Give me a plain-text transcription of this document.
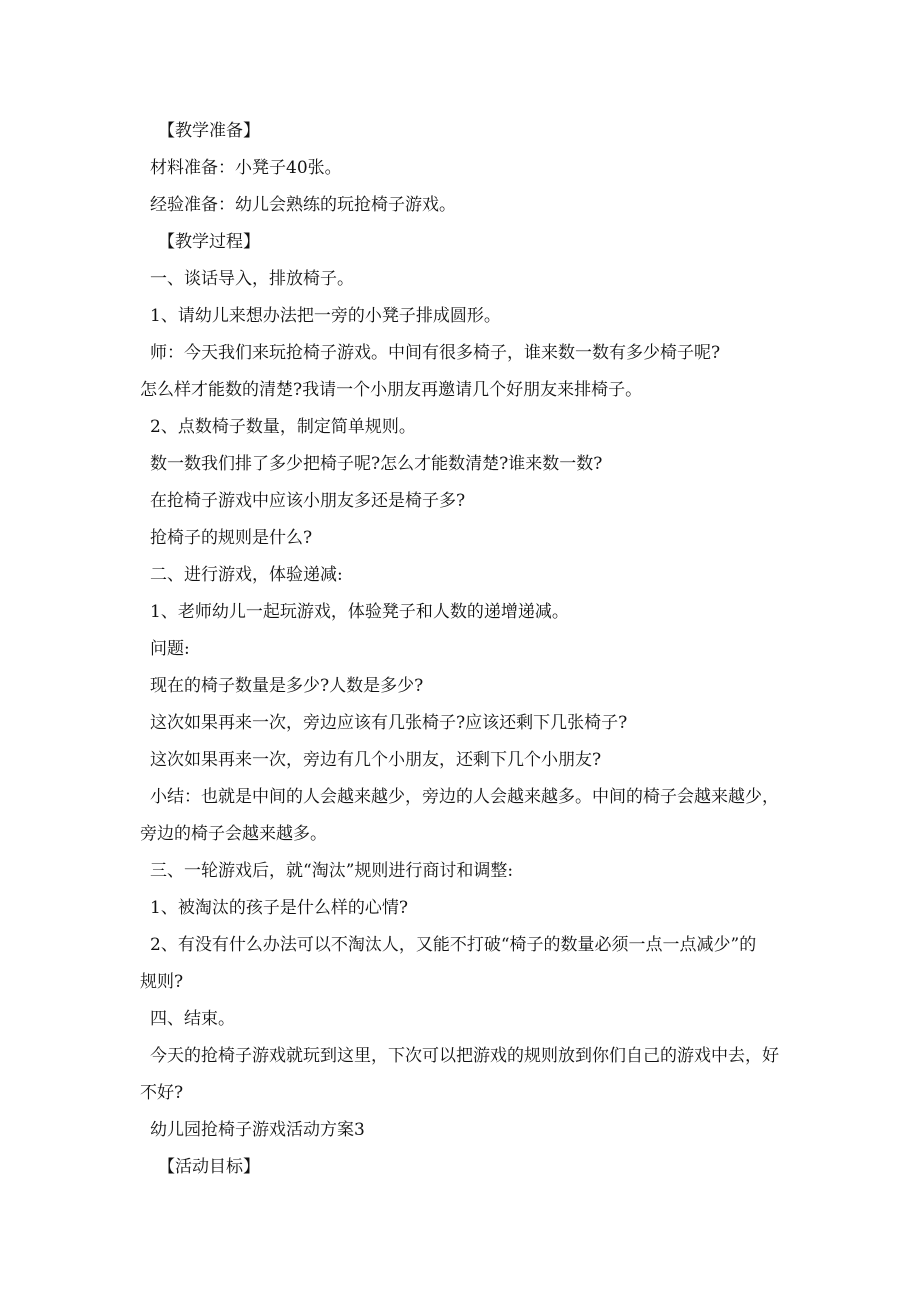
【教学准备】
材料准备：小凳子40张。
经验准备：幼儿会熟练的玩抢椅子游戏。
【教学过程】
一、谈话导入，排放椅子。
1、请幼儿来想办法把一旁的小凳子排成圆形。
师：今天我们来玩抢椅子游戏。中间有很多椅子，谁来数一数有多少椅子呢?
怎么样才能数的清楚?我请一个小朋友再邀请几个好朋友来排椅子。
2、点数椅子数量，制定简单规则。
数一数我们排了多少把椅子呢?怎么才能数清楚?谁来数一数?
在抢椅子游戏中应该小朋友多还是椅子多?
抢椅子的规则是什么?
二、进行游戏，体验递减:
1、老师幼儿一起玩游戏，体验凳子和人数的递增递减。
问题:
现在的椅子数量是多少?人数是多少?
这次如果再来一次，旁边应该有几张椅子?应该还剩下几张椅子?
这次如果再来一次，旁边有几个小朋友，还剩下几个小朋友?
小结：也就是中间的人会越来越少，旁边的人会越来越多。中间的椅子会越来越少，
旁边的椅子会越来越多。
三、一轮游戏后，就“淘汰”规则进行商讨和调整:
1、被淘汰的孩子是什么样的心情?
2、有没有什么办法可以不淘汰人，又能不打破“椅子的数量必须一点一点减少”的
规则?
四、结束。
今天的抢椅子游戏就玩到这里，下次可以把游戏的规则放到你们自己的游戏中去，好
不好?
幼儿园抢椅子游戏活动方案3
【活动目标】
